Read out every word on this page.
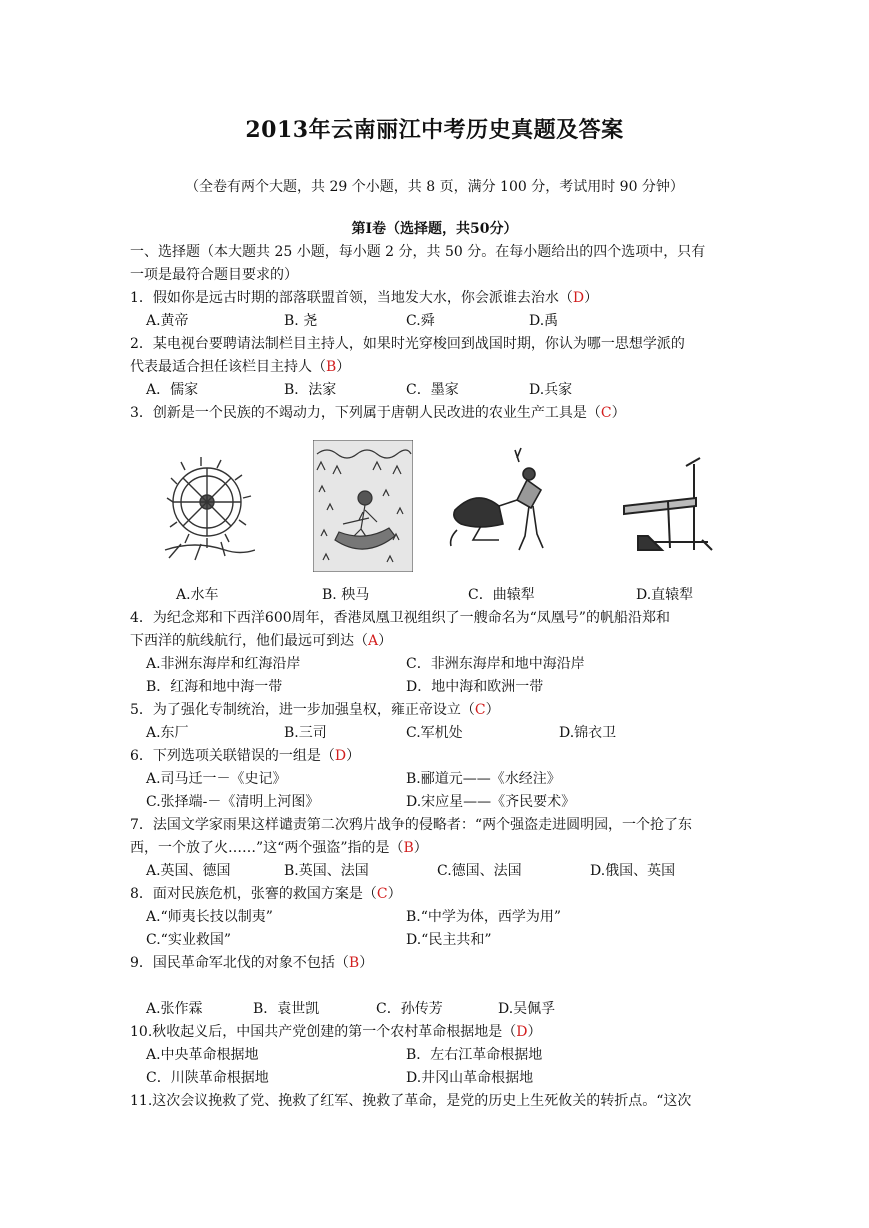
2013年云南丽江中考历史真题及答案
（全卷有两个大题，共 29 个小题，共 8 页，满分 100 分，考试用时 90 分钟）
第Ⅰ卷（选择题，共50分）
一、选择题（本大题共 25 小题，每小题 2 分，共 50 分。在每小题给出的四个选项中，只有
一项是最符合题目要求的）
1．假如你是远古时期的部落联盟首领，当地发大水，你会派谁去治水（D）
A.黄帝	B. 尧	C.舜	D.禹
2．某电视台要聘请法制栏目主持人，如果时光穿梭回到战国时期，你认为哪一思想学派的
代表最适合担任该栏目主持人（B）
A．儒家	B．法家	C．墨家	D.兵家
3．创新是一个民族的不竭动力，下列属于唐朝人民改进的农业生产工具是（C）
A.水车	B. 秧马	C．曲辕犁	D.直辕犁
4．为纪念郑和下西洋600周年，香港凤凰卫视组织了一艘命名为“凤凰号”的帆船沿郑和
下西洋的航线航行，他们最远可到达（A）
A.非洲东海岸和红海沿岸	C．非洲东海岸和地中海沿岸
B．红海和地中海一带	D．地中海和欧洲一带
5．为了强化专制统治，进一步加强皇权，雍正帝设立（C）
A.东厂	B.三司	C.军机处	D.锦衣卫
6．下列选项关联错误的一组是（D）
A.司马迁一－《史记》	B.郦道元——《水经注》
C.张择端-－《清明上河图》	D.宋应星——《齐民要术》
7．法国文学家雨果这样谴责第二次鸦片战争的侵略者：“两个强盗走进圆明园，一个抢了东
西，一个放了火……”这“两个强盗”指的是（B）
A.英国、德国	B.英国、法国	C.德国、法国	D.俄国、英国
8．面对民族危机，张謇的救国方案是（C）
A.“师夷长技以制夷”	B.“中学为体，西学为用”
C.“实业救国”	D.“民主共和”
9．国民革命军北伐的对象不包括（B）
A.张作霖	B．袁世凯	C．孙传芳	D.吴佩孚
10.秋收起义后，中国共产党创建的第一个农村革命根据地是（D）
A.中央革命根据地	B．左右江革命根据地
C．川陕革命根据地	D.井冈山革命根据地
11.这次会议挽救了党、挽救了红军、挽救了革命，是党的历史上生死攸关的转折点。“这次
